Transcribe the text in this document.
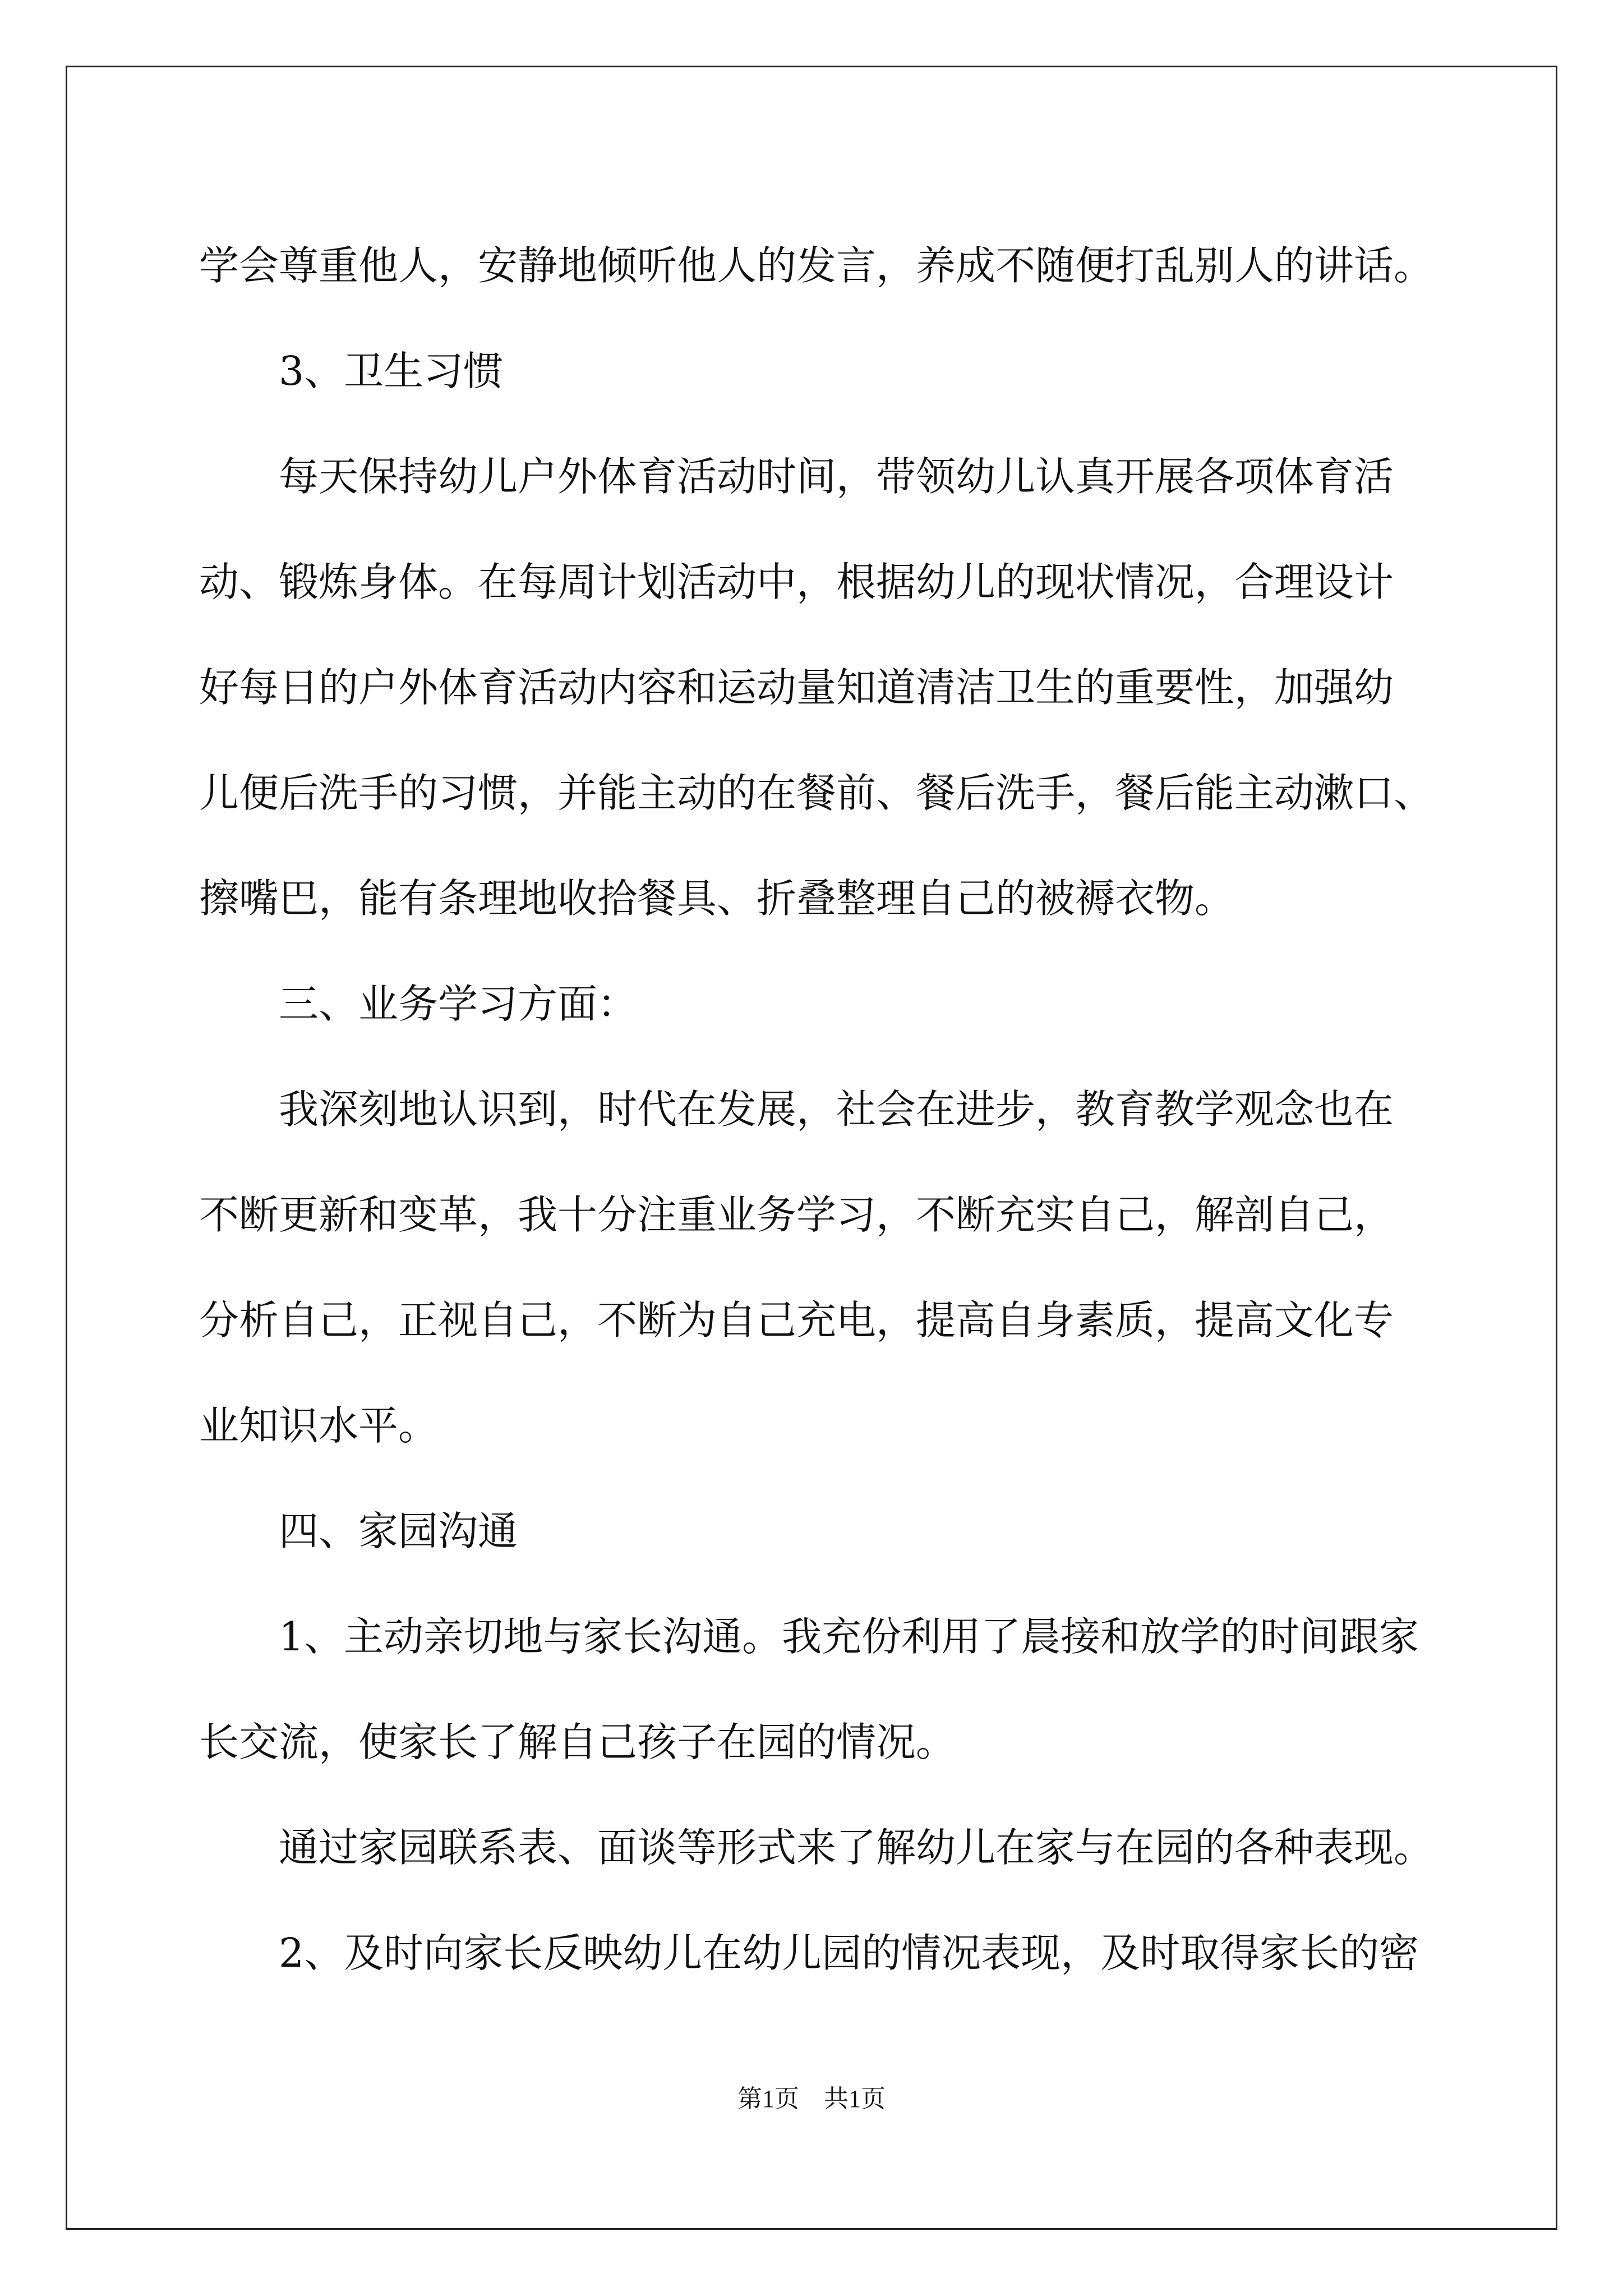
学会尊重他人，安静地倾听他人的发言，养成不随便打乱别人的讲话。

3、卫生习惯

每天保持幼儿户外体育活动时间，带领幼儿认真开展各项体育活

动、锻炼身体。在每周计划活动中，根据幼儿的现状情况，合理设计

好每日的户外体育活动内容和运动量知道清洁卫生的重要性，加强幼

儿便后洗手的习惯，并能主动的在餐前、餐后洗手，餐后能主动漱口、

擦嘴巴，能有条理地收拾餐具、折叠整理自己的被褥衣物。

三、业务学习方面：

我深刻地认识到，时代在发展，社会在进步，教育教学观念也在

不断更新和变革，我十分注重业务学习，不断充实自己，解剖自己，

分析自己，正视自己，不断为自己充电，提高自身素质，提高文化专

业知识水平。

四、家园沟通

1、主动亲切地与家长沟通。我充份利用了晨接和放学的时间跟家

长交流，使家长了解自己孩子在园的情况。

通过家园联系表、面谈等形式来了解幼儿在家与在园的各种表现。

2、及时向家长反映幼儿在幼儿园的情况表现，及时取得家长的密

第1页　共1页
